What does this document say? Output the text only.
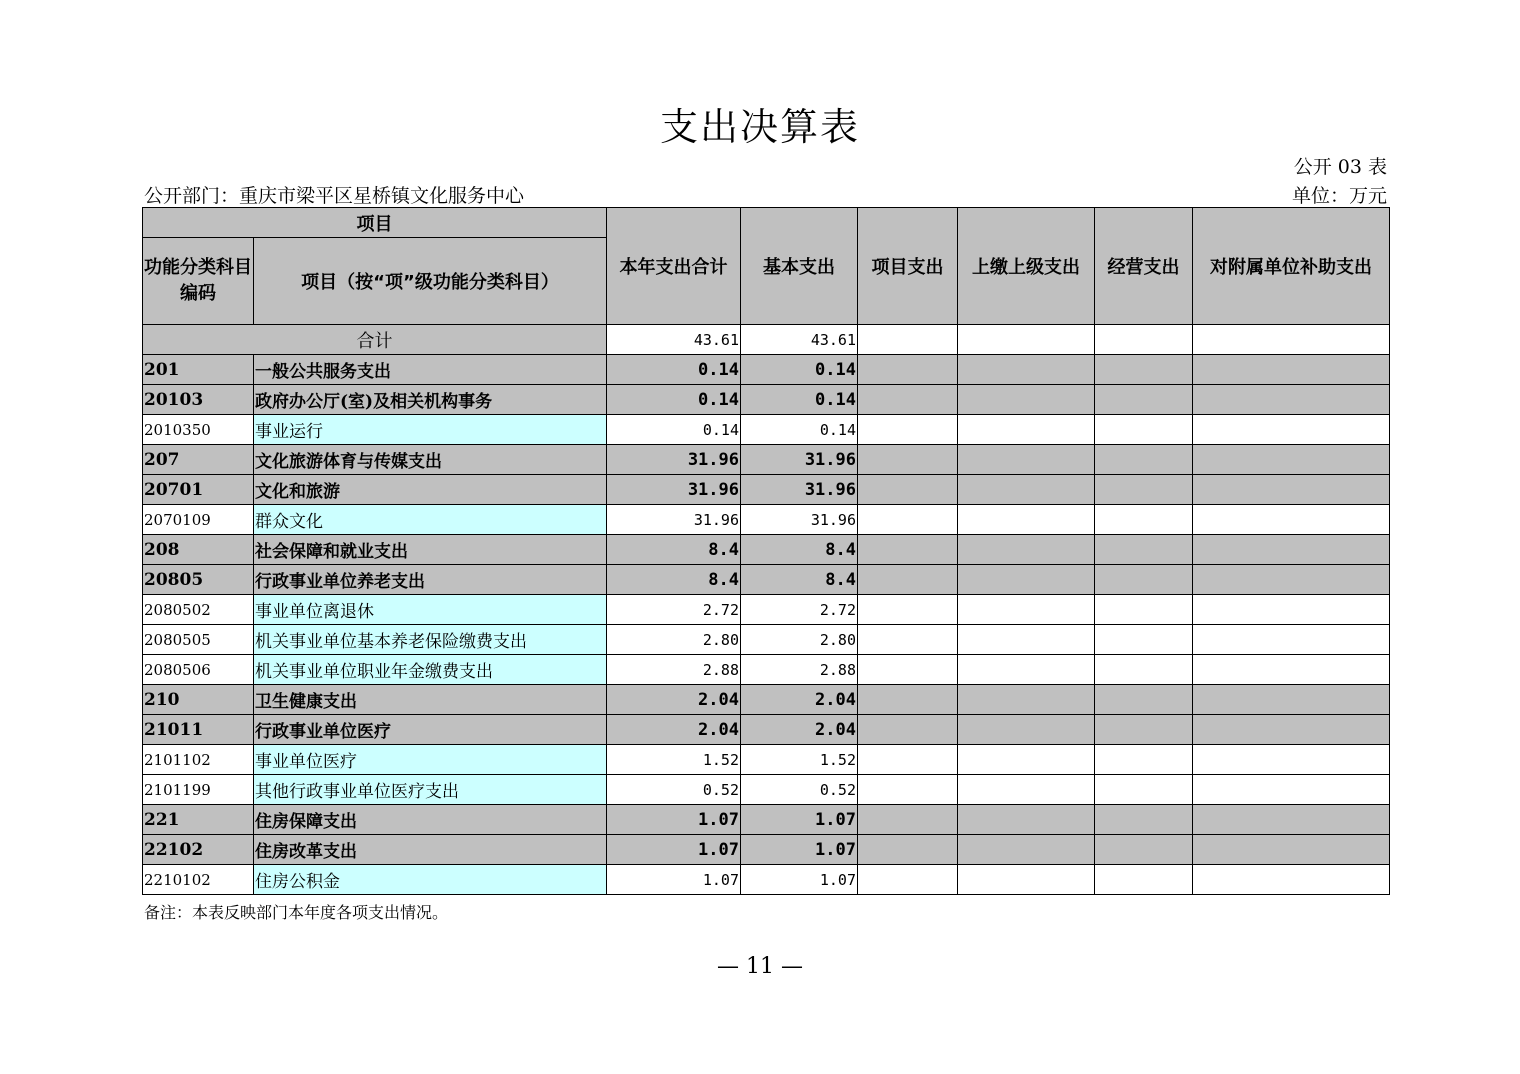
支出决算表
公开 03 表
公开部门：重庆市梁平区星桥镇文化服务中心	单位：万元
项目		本年支出合计	基本支出	项目支出	上缴上级支出	经营支出	对附属单位补助支出
功能分类科目编码	项目（按“项”级功能分类科目）						
合计		43.61	43.61				
201	一般公共服务支出	0.14	0.14				
20103	政府办公厅(室)及相关机构事务	0.14	0.14				
2010350	事业运行	0.14	0.14				
207	文化旅游体育与传媒支出	31.96	31.96				
20701	文化和旅游	31.96	31.96				
2070109	群众文化	31.96	31.96				
208	社会保障和就业支出	8.4	8.4				
20805	行政事业单位养老支出	8.4	8.4				
2080502	事业单位离退休	2.72	2.72				
2080505	机关事业单位基本养老保险缴费支出	2.80	2.80				
2080506	机关事业单位职业年金缴费支出	2.88	2.88				
210	卫生健康支出	2.04	2.04				
21011	行政事业单位医疗	2.04	2.04				
2101102	事业单位医疗	1.52	1.52				
2101199	其他行政事业单位医疗支出	0.52	0.52				
221	住房保障支出	1.07	1.07				
22102	住房改革支出	1.07	1.07				
2210102	住房公积金	1.07	1.07				
备注：本表反映部门本年度各项支出情况。
— 11 —
